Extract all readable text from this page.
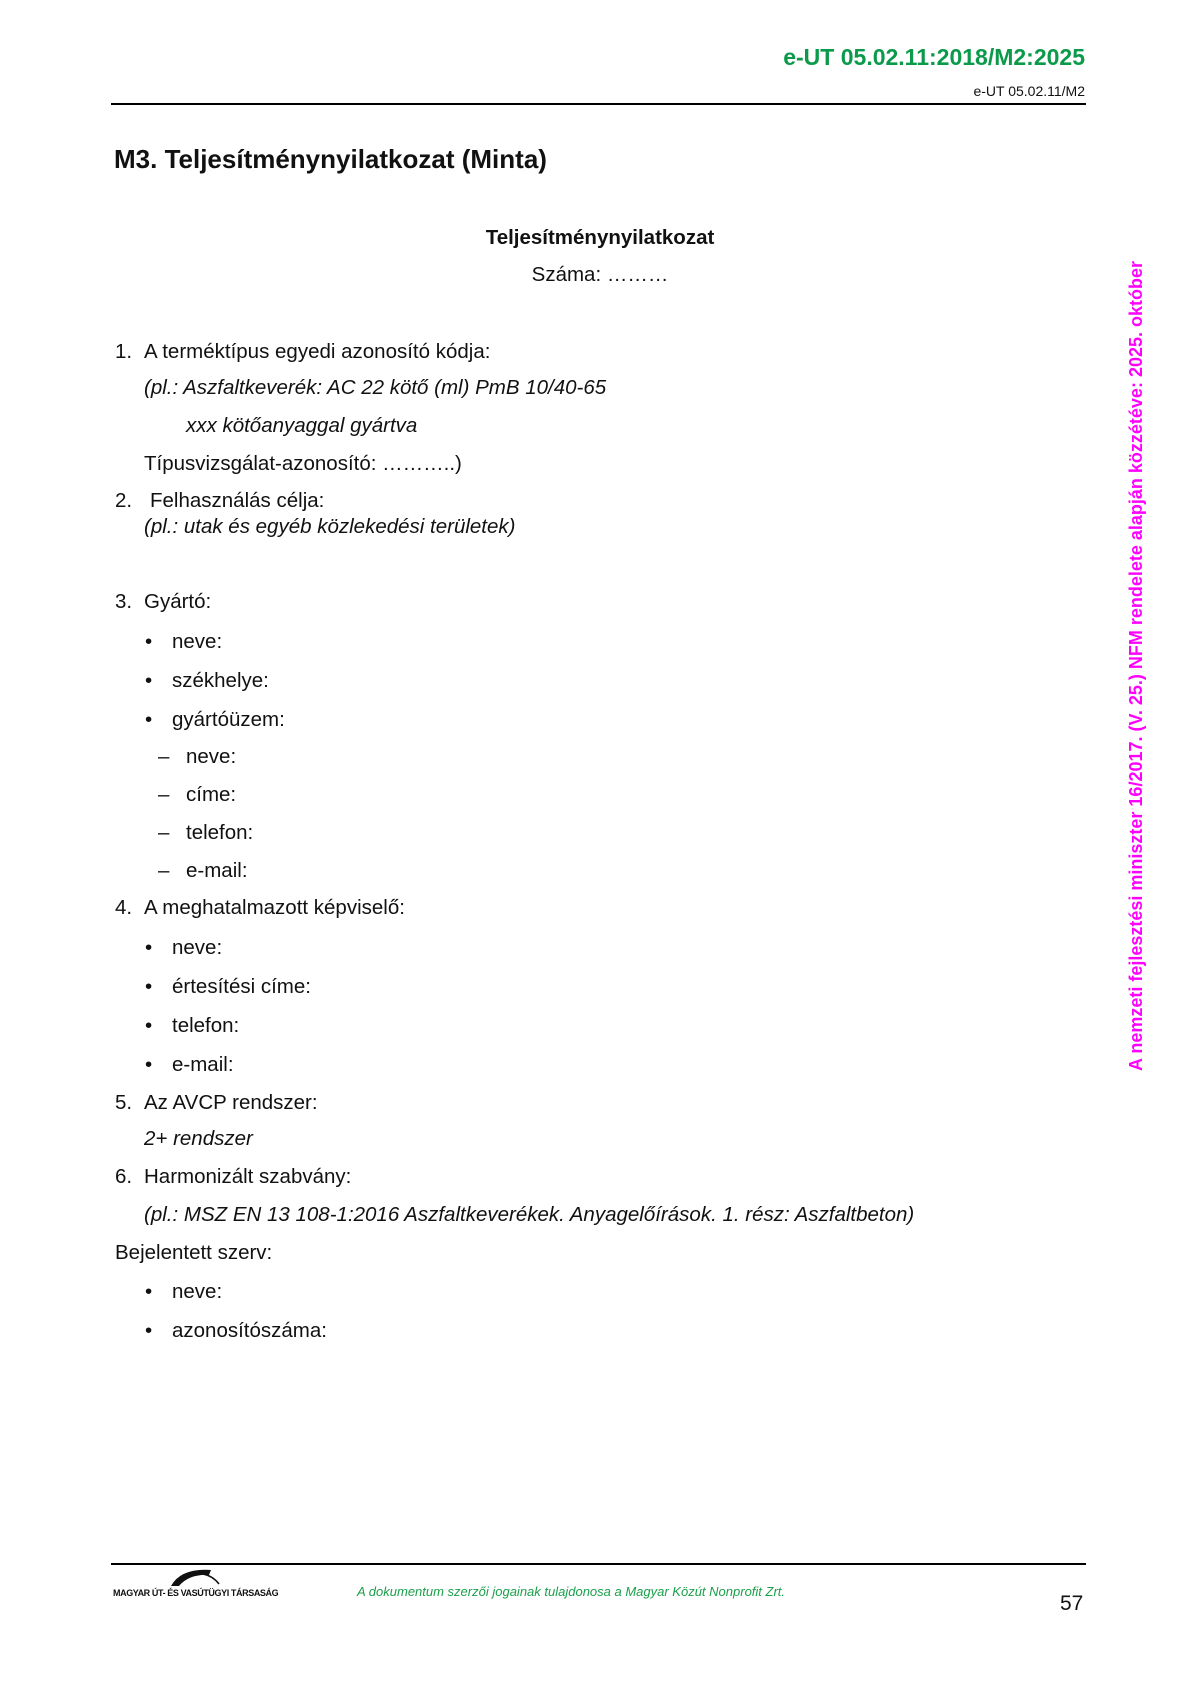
e-UT 05.02.11:2018/M2:2025
e-UT 05.02.11/M2
M3. Teljesítménynyilatkozat (Minta)
Teljesítménynyilatkozat
Száma: ………
1. A terméktípus egyedi azonosító kódja:
(pl.: Aszfaltkeverék: AC 22 kötő (ml) PmB 10/40-65
xxx kötőanyaggal gyártva
Típusvizsgálat-azonosító: ………..)
2. Felhasználás célja:
(pl.: utak és egyéb közlekedési területek)
3. Gyártó:
• neve:
• székhelye:
• gyártóüzem:
– neve:
– címe:
– telefon:
– e-mail:
4. A meghatalmazott képviselő:
• neve:
• értesítési címe:
• telefon:
• e-mail:
5. Az AVCP rendszer:
2+ rendszer
6. Harmonizált szabvány:
(pl.: MSZ EN 13 108-1:2016 Aszfaltkeverékek. Anyagelőírások. 1. rész: Aszfaltbeton)
Bejelentett szerv:
• neve:
• azonosítószáma:
A nemzeti fejlesztési miniszter 16/2017. (V. 25.) NFM rendelete alapján közzétéve: 2025. október
MAGYAR ÚT- ÉS VASÚTÜGYI TÁRSASÁG	A dokumentum szerzői jogainak tulajdonosa a Magyar Közút Nonprofit Zrt.
57
